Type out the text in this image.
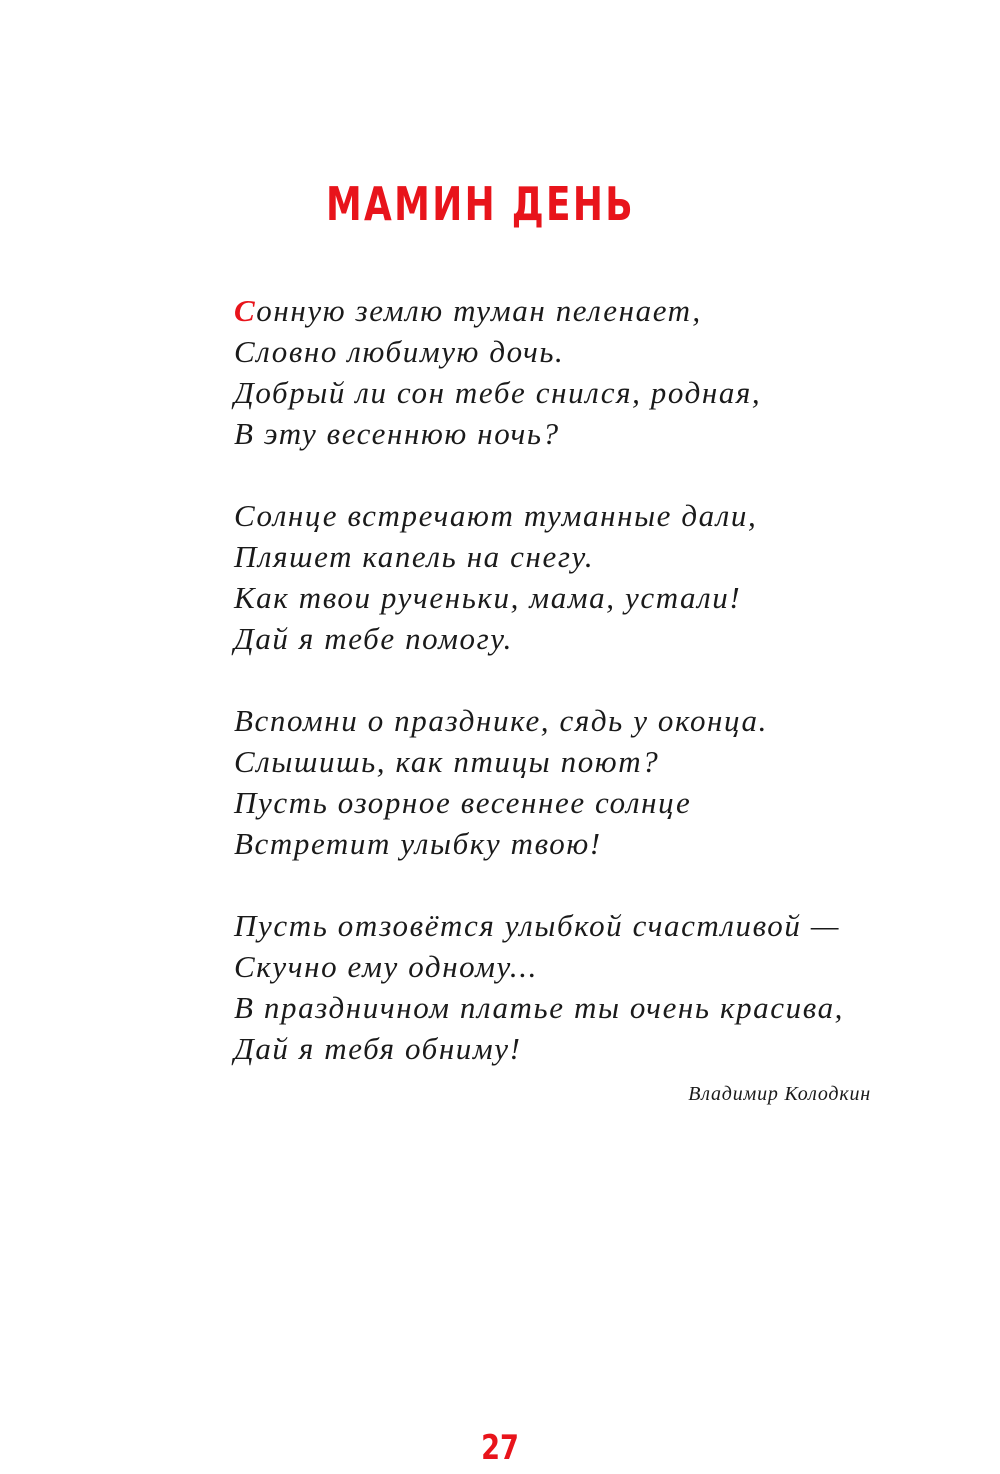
МАМИН ДЕНЬ
Сонную землю туман пеленает,
Словно любимую дочь.
Добрый ли сон тебе снился, родная,
В эту весеннюю ночь?
Солнце встречают туманные дали,
Пляшет капель на снегу.
Как твои рученьки, мама, устали!
Дай я тебе помогу.
Вспомни о празднике, сядь у оконца.
Слышишь, как птицы поют?
Пусть озорное весеннее солнце
Встретит улыбку твою!
Пусть отзовётся улыбкой счастливой —
Скучно ему одному...
В праздничном платье ты очень красива,
Дай я тебя обниму!
Владимир Колодкин
27
